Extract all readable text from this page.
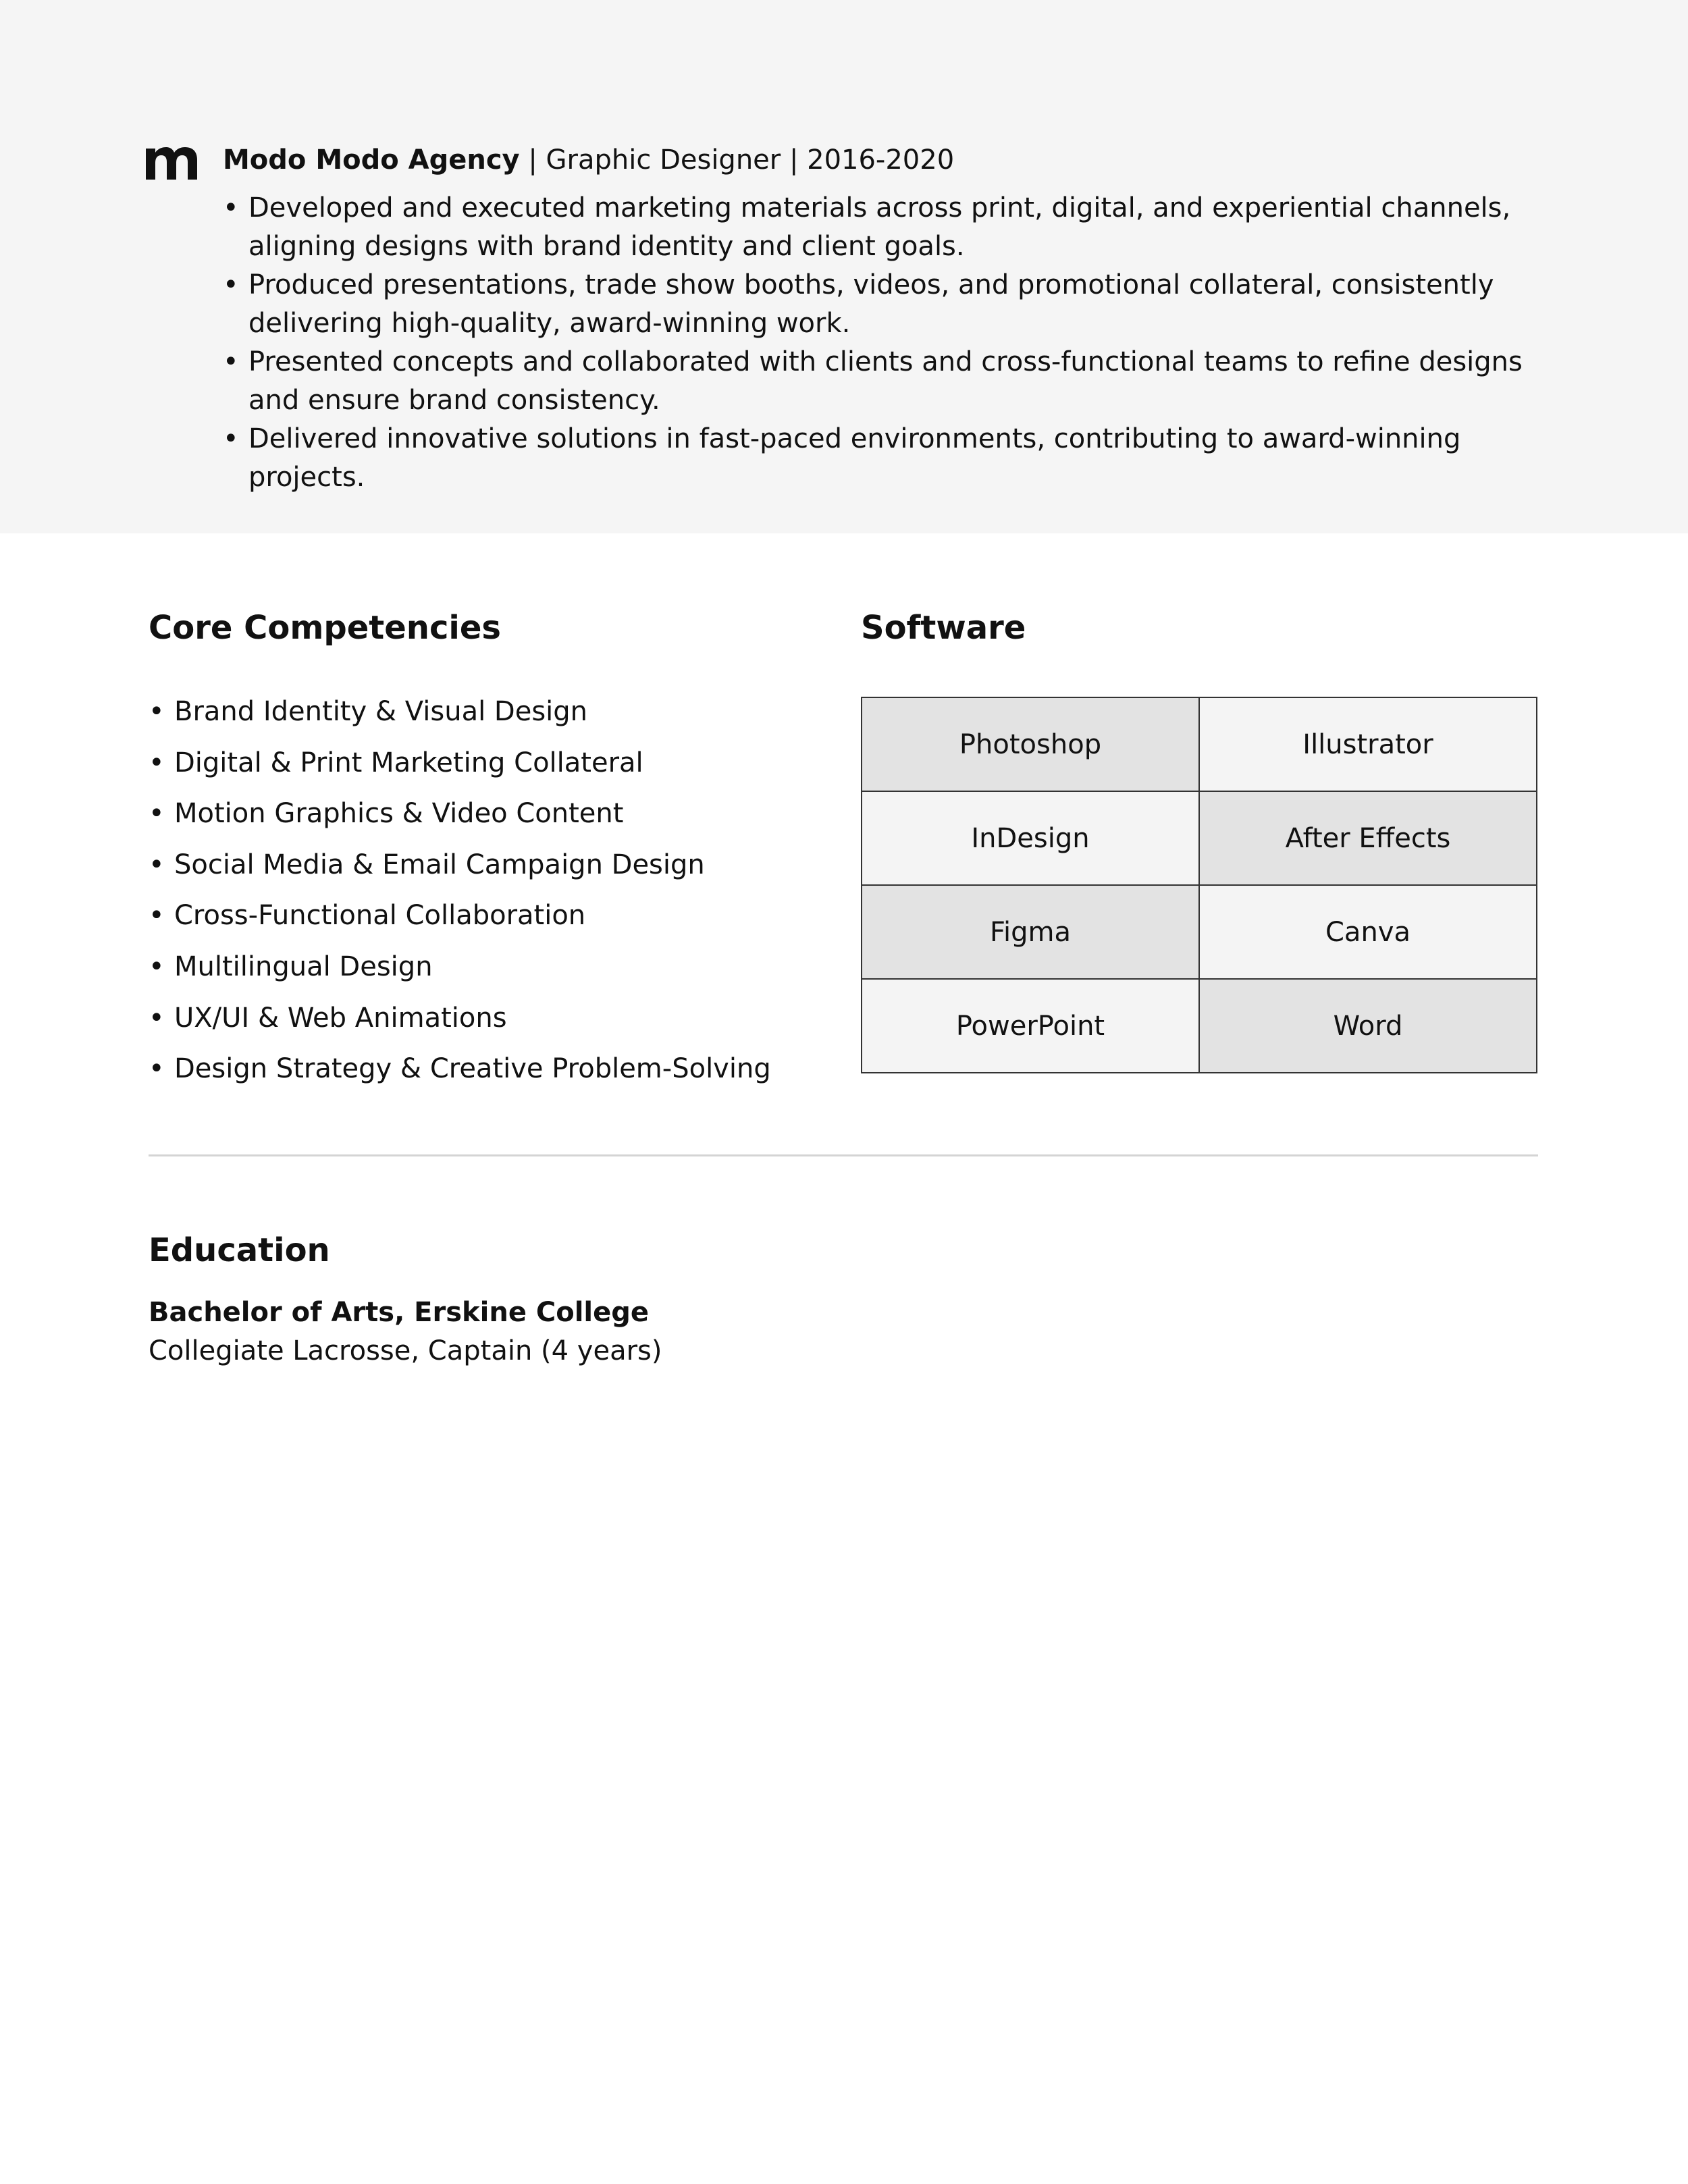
Modo Modo Agency | Graphic Designer | 2016-2020
• Developed and executed marketing materials across print, digital, and experiential channels, aligning designs with brand identity and client goals.
• Produced presentations, trade show booths, videos, and promotional collateral, consistently delivering high-quality, award-winning work.
• Presented concepts and collaborated with clients and cross-functional teams to refine designs and ensure brand consistency.
• Delivered innovative solutions in fast-paced environments, contributing to award-winning projects.
Core Competencies
• Brand Identity & Visual Design
• Digital & Print Marketing Collateral
• Motion Graphics & Video Content
• Social Media & Email Campaign Design
• Cross-Functional Collaboration
• Multilingual Design
• UX/UI & Web Animations
• Design Strategy & Creative Problem-Solving
Software
Photoshop	Illustrator
InDesign	After Effects
Figma	Canva
PowerPoint	Word
Education
Bachelor of Arts, Erskine College
Collegiate Lacrosse, Captain (4 years)
